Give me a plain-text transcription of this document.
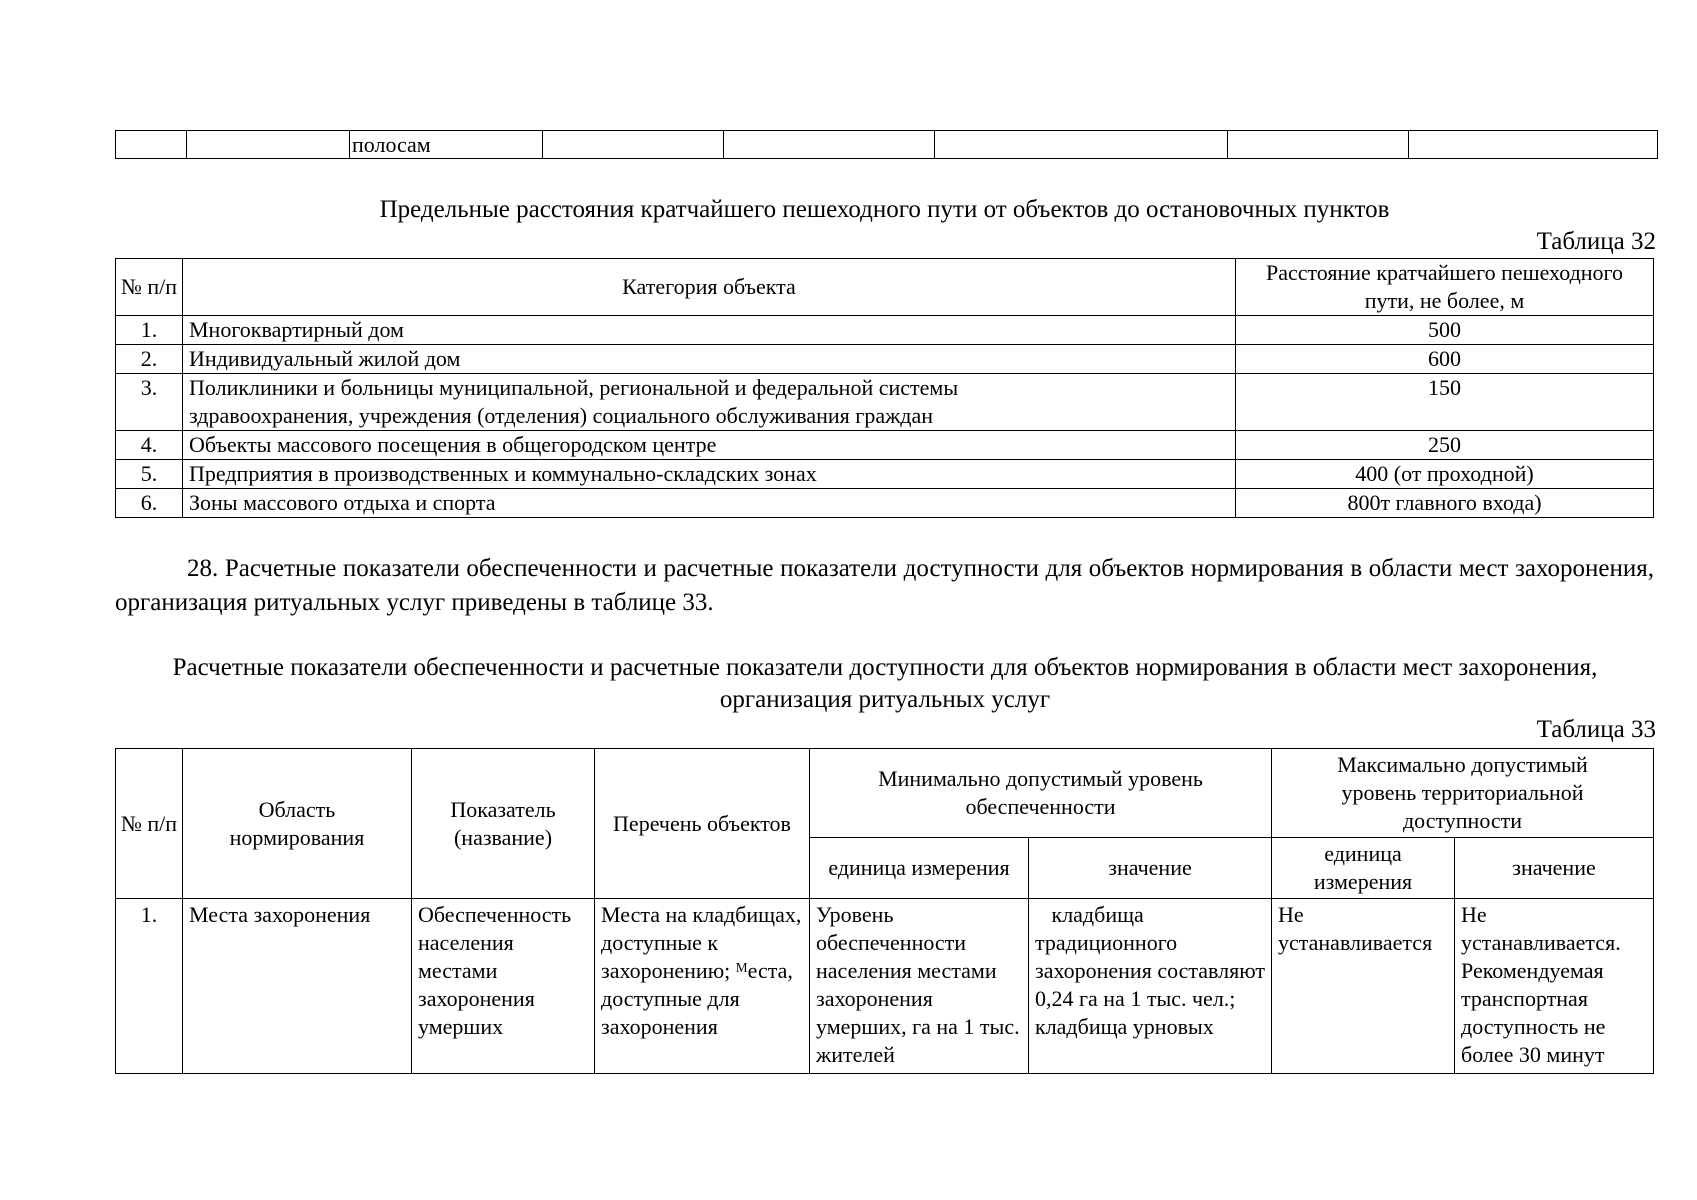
		полосам					
Предельные расстояния кратчайшего пешеходного пути от объектов до остановочных пунктов
Таблица 32
№ п/п	Категория объекта	Расстояние кратчайшего пешеходного пути, не более, м
1.	Многоквартирный дом	500
2.	Индивидуальный жилой дом	600
3.	Поликлиники и больницы муниципальной, региональной и федеральной системы здравоохранения, учреждения (отделения) социального обслуживания граждан	150
4.	Объекты массового посещения в общегородском центре	250
5.	Предприятия в производственных и коммунально-складских зонах	400 (от проходной)
6.	Зоны массового отдыха и спорта	800т главного входа)
28. Расчетные показатели обеспеченности и расчетные показатели доступности для объектов нормирования в области мест захоронения, организация ритуальных услуг приведены в таблице 33.
Расчетные показатели обеспеченности и расчетные показатели доступности для объектов нормирования в области мест захоронения, организация ритуальных услуг
Таблица 33
№ п/п	Область нормирования	Показатель (название)	Перечень объектов	Минимально допустимый уровень обеспеченности		Максимально допустимый уровень территориальной доступности	
				единица измерения	значение	единица измерения	значение
1.	Места захоронения	Обеспеченность населения местами захоронения умерших	Места на кладбищах, доступные к захоронению; ᴹеста, доступные для захоронения	Уровень обеспеченности населения местами захоронения умерших, га на 1 тыс. жителей	кладбища традиционного захоронения составляют 0,24 га на 1 тыс. чел.;    кладбища урновых	Не устанавливается	Не устанавливается. Рекомендуемая транспортная доступность не более 30 минут
